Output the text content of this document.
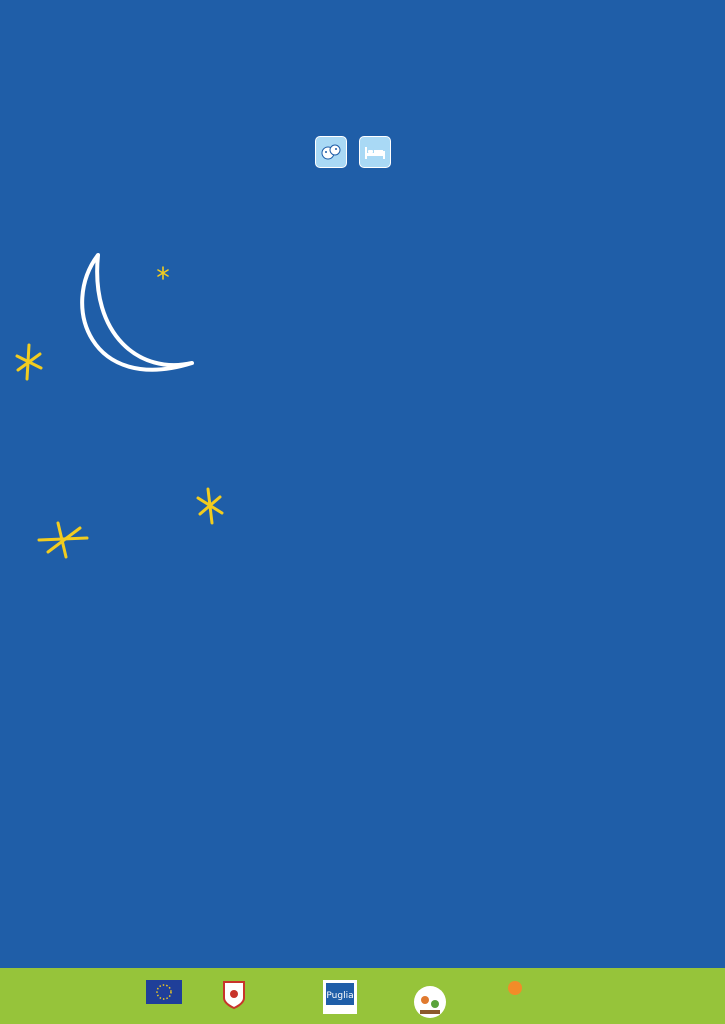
Puglia
